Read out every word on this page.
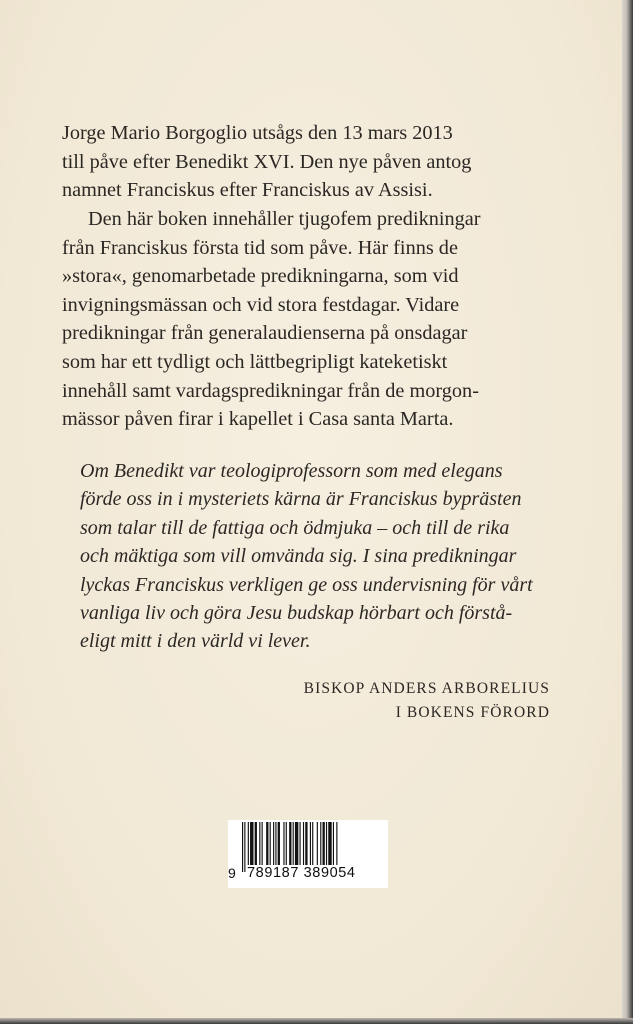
Jorge Mario Borgoglio utsågs den 13 mars 2013
till påve efter Benedikt XVI. Den nye påven antog
namnet Franciskus efter Franciskus av Assisi.
Den här boken innehåller tjugofem predikningar
från Franciskus första tid som påve. Här finns de
»stora«, genomarbetade predikningarna, som vid
invigningsmässan och vid stora festdagar. Vidare
predikningar från generalaudienserna på onsdagar
som har ett tydligt och lättbegripligt kateketiskt
innehåll samt vardagspredikningar från de morgon-
mässor påven firar i kapellet i Casa santa Marta.
Om Benedikt var teologiprofessorn som med elegans
förde oss in i mysteriets kärna är Franciskus byprästen
som talar till de fattiga och ödmjuka – och till de rika
och mäktiga som vill omvända sig. I sina predikningar
lyckas Franciskus verkligen ge oss undervisning för vårt
vanliga liv och göra Jesu budskap hörbart och förstå-
eligt mitt i den värld vi lever.

BISKOP ANDERS ARBORELIUS

I BOKENS FÖRORD

9 789187 389054
